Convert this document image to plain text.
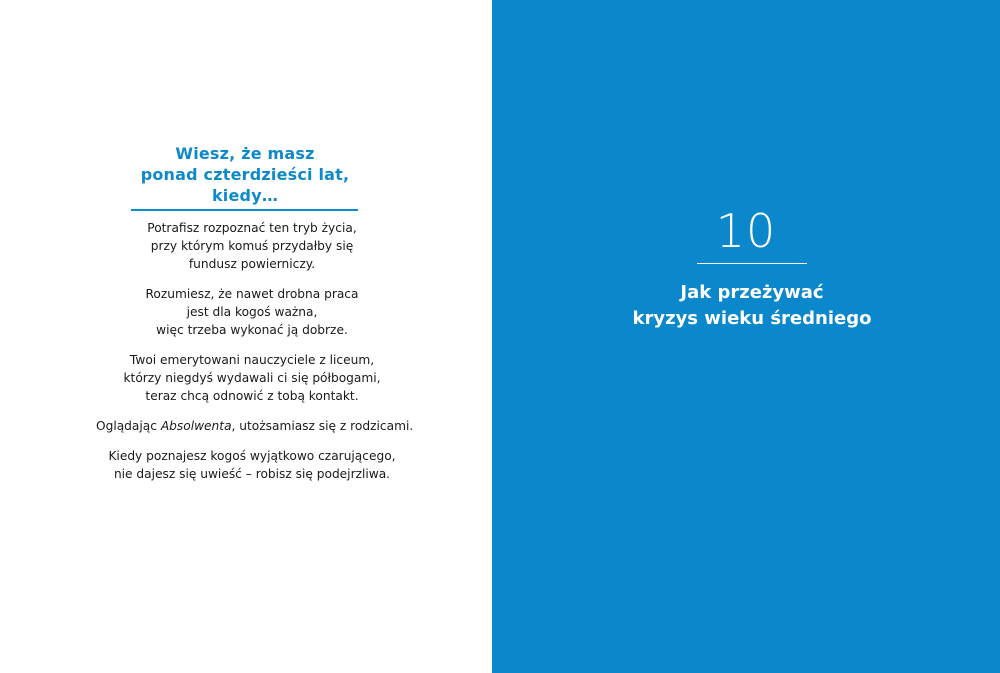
Wiesz, że masz
ponad czterdzieści lat,
kiedy…
Potrafisz rozpoznać ten tryb życia,
przy którym komuś przydałby się
fundusz powierniczy.
Rozumiesz, że nawet drobna praca
jest dla kogoś ważna,
więc trzeba wykonać ją dobrze.
Twoi emerytowani nauczyciele z liceum,
którzy niegdyś wydawali ci się półbogami,
teraz chcą odnowić z tobą kontakt.
Oglądając Absolwenta, utożsamiasz się z rodzicami.
Kiedy poznajesz kogoś wyjątkowo czarującego,
nie dajesz się uwieść – robisz się podejrzliwa.
10
Jak przeżywać
kryzys wieku średniego
